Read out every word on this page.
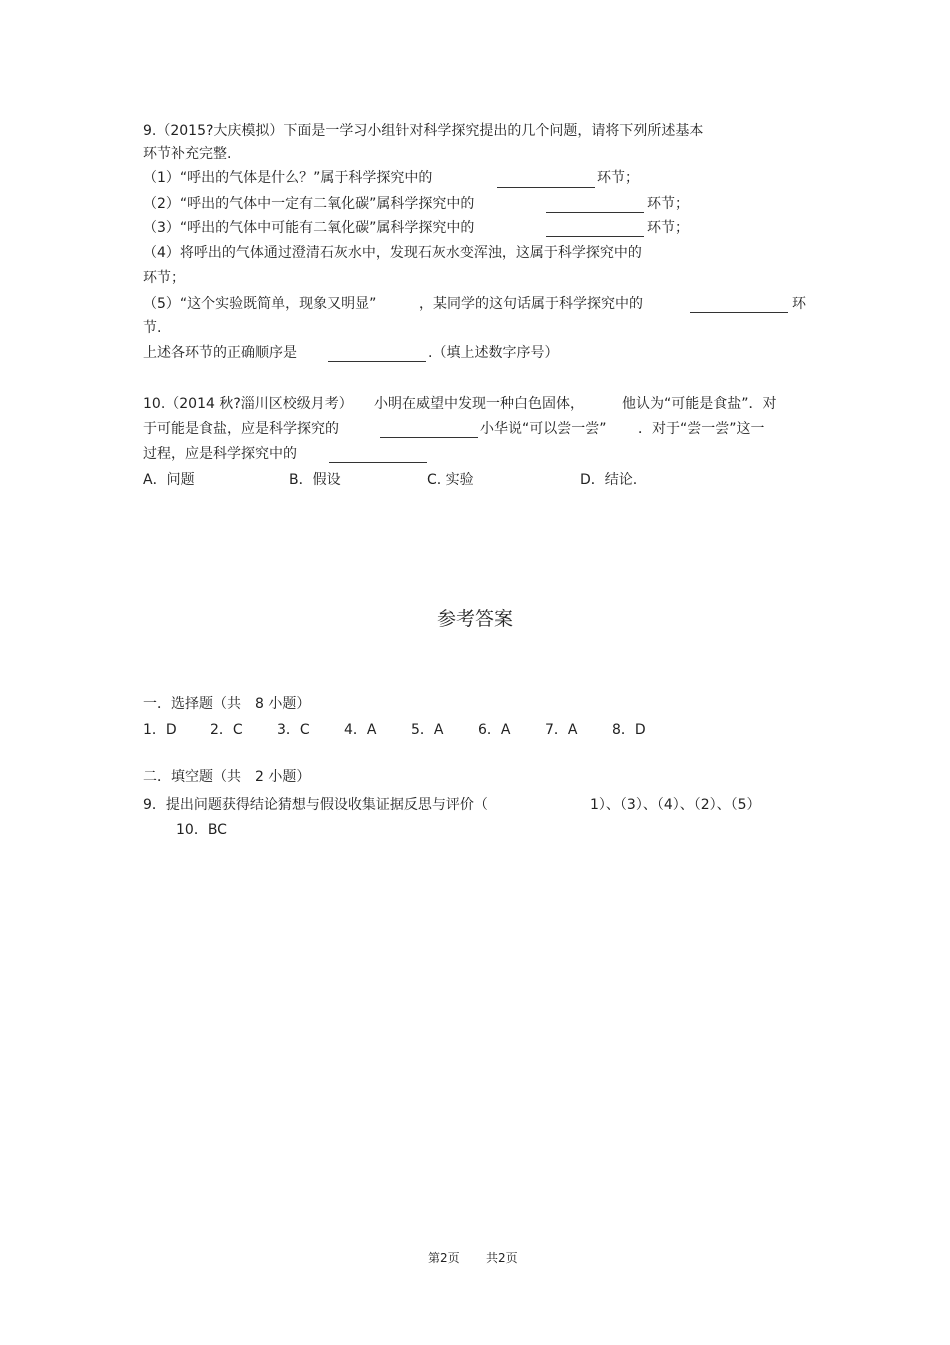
9.（2015?大庆模拟）下面是一学习小组针对科学探究提出的几个问题，请将下列所述基本
环节补充完整.
（1）“呼出的气体是什么？”属于科学探究中的	环节；
（2）“呼出的气体中一定有二氧化碳”属科学探究中的	环节；
（3）“呼出的气体中可能有二氧化碳”属科学探究中的	环节；
（4）将呼出的气体通过澄清石灰水中，发现石灰水变浑浊，这属于科学探究中的
环节；
（5）“这个实验既简单，现象又明显”	，某同学的这句话属于科学探究中的	环
节.
上述各环节的正确顺序是	.（填上述数字序号）
10.（2014 秋?淄川区校级月考） 小明在威望中发现一种白色固体，	他认为“可能是食盐”．对
于可能是食盐，应是科学探究的	小华说“可以尝一尝” ．对于“尝一尝”这一
过程，应是科学探究中的
A．问题	B．假设	C. 实验	D．结论.
参考答案
一．选择题（共　8 小题）
1．D 2．C 3．C 4．A 5．A 6．A 7．A 8．D
二．填空题（共　2 小题）
9．提出问题获得结论猜想与假设收集证据反思与评价（	1）、（3）、（4）、（2）、（5）
10．BC
第2页 共2页
